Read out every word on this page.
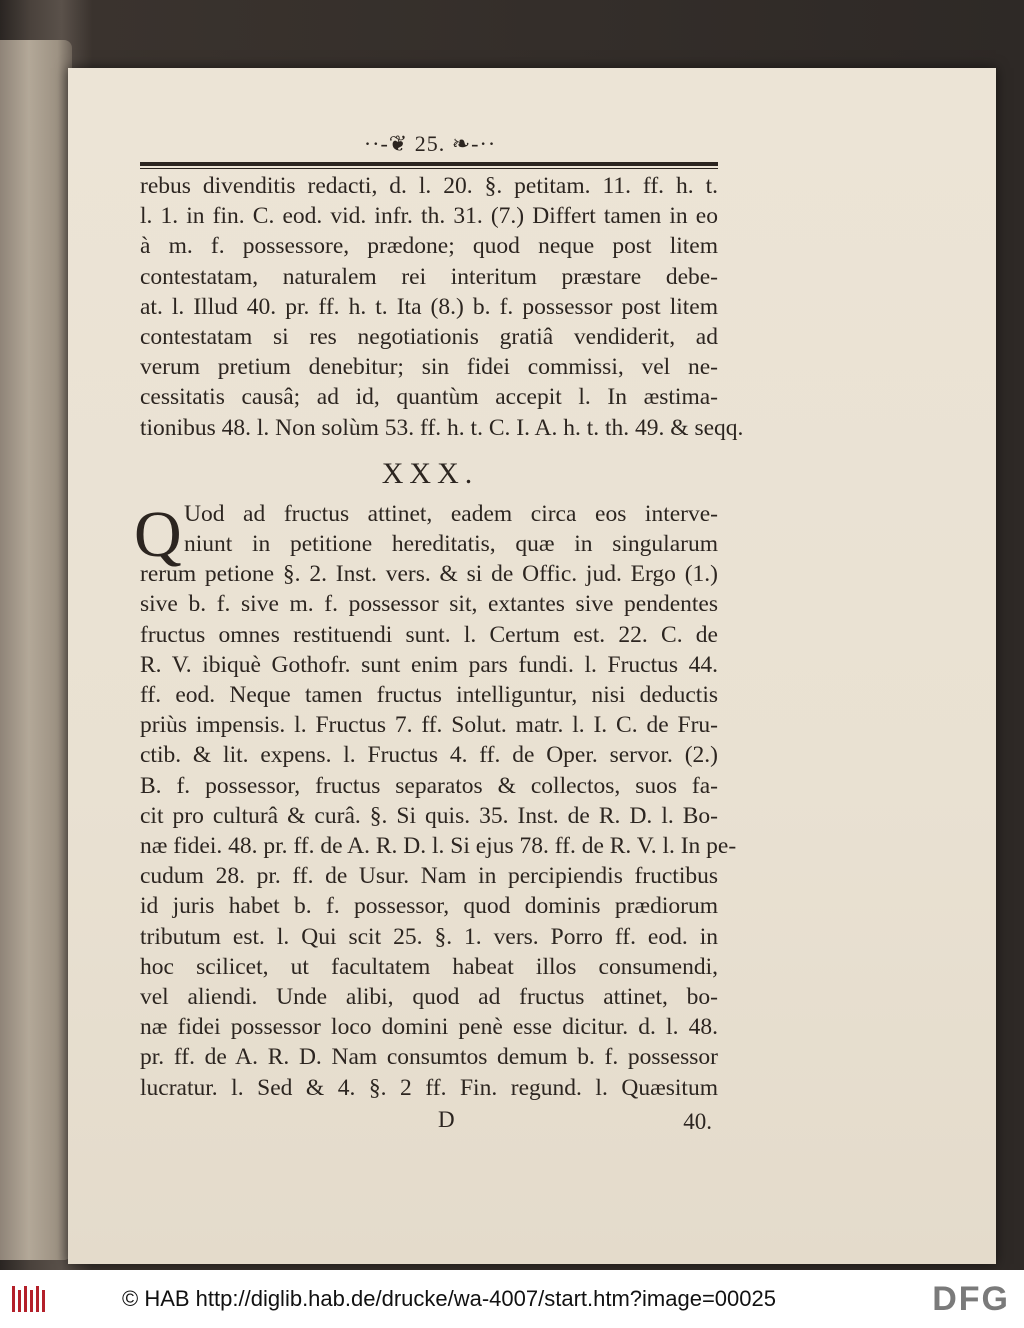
··-❦ 25. ❧-··
rebus divenditis redacti, d. l. 20. §. petitam. 11. ff. h. t.
l. 1. in fin. C. eod. vid. infr. th. 31. (7.) Differt tamen in eo
à m. f. possessore, prædone; quod neque post litem
contestatam, naturalem rei interitum præstare debe-
at. l. Illud 40. pr. ff. h. t. Ita (8.) b. f. possessor post litem
contestatam si res negotiationis gratiâ vendiderit, ad
verum pretium denebitur; sin fidei commissi, vel ne-
cessitatis causâ; ad id, quantùm accepit l. In æstima-
tionibus 48. l. Non solùm 53. ff. h. t. C. I. A. h. t. th. 49. & seqq.
XXX.
Q Uod ad fructus attinet, eadem circa eos interve-
niunt in petitione hereditatis, quæ in singularum
rerum petione §. 2. Inst. vers. & si de Offic. jud. Ergo (1.)
sive b. f. sive m. f. possessor sit, extantes sive pendentes
fructus omnes restituendi sunt. l. Certum est. 22. C. de
R. V. ibiquè Gothofr. sunt enim pars fundi. l. Fructus 44.
ff. eod. Neque tamen fructus intelliguntur, nisi deductis
priùs impensis. l. Fructus 7. ff. Solut. matr. l. I. C. de Fru-
ctib. & lit. expens. l. Fructus 4. ff. de Oper. servor. (2.)
B. f. possessor, fructus separatos & collectos, suos fa-
cit pro culturâ & curâ. §. Si quis. 35. Inst. de R. D. l. Bo-
næ fidei. 48. pr. ff. de A. R. D. l. Si ejus 78. ff. de R. V. l. In pe-
cudum 28. pr. ff. de Usur. Nam in percipiendis fructibus
id juris habet b. f. possessor, quod dominis prædiorum
tributum est. l. Qui scit 25. §. 1. vers. Porro ff. eod. in
hoc scilicet, ut facultatem habeat illos consumendi,
vel aliendi. Unde alibi, quod ad fructus attinet, bo-
næ fidei possessor loco domini penè esse dicitur. d. l. 48.
pr. ff. de A. R. D. Nam consumtos demum b. f. possessor
lucratur. l. Sed & 4. §. 2 ff. Fin. regund. l. Quæsitum
D	40.
© HAB http://diglib.hab.de/drucke/wa-4007/start.htm?image=00025	DFG
